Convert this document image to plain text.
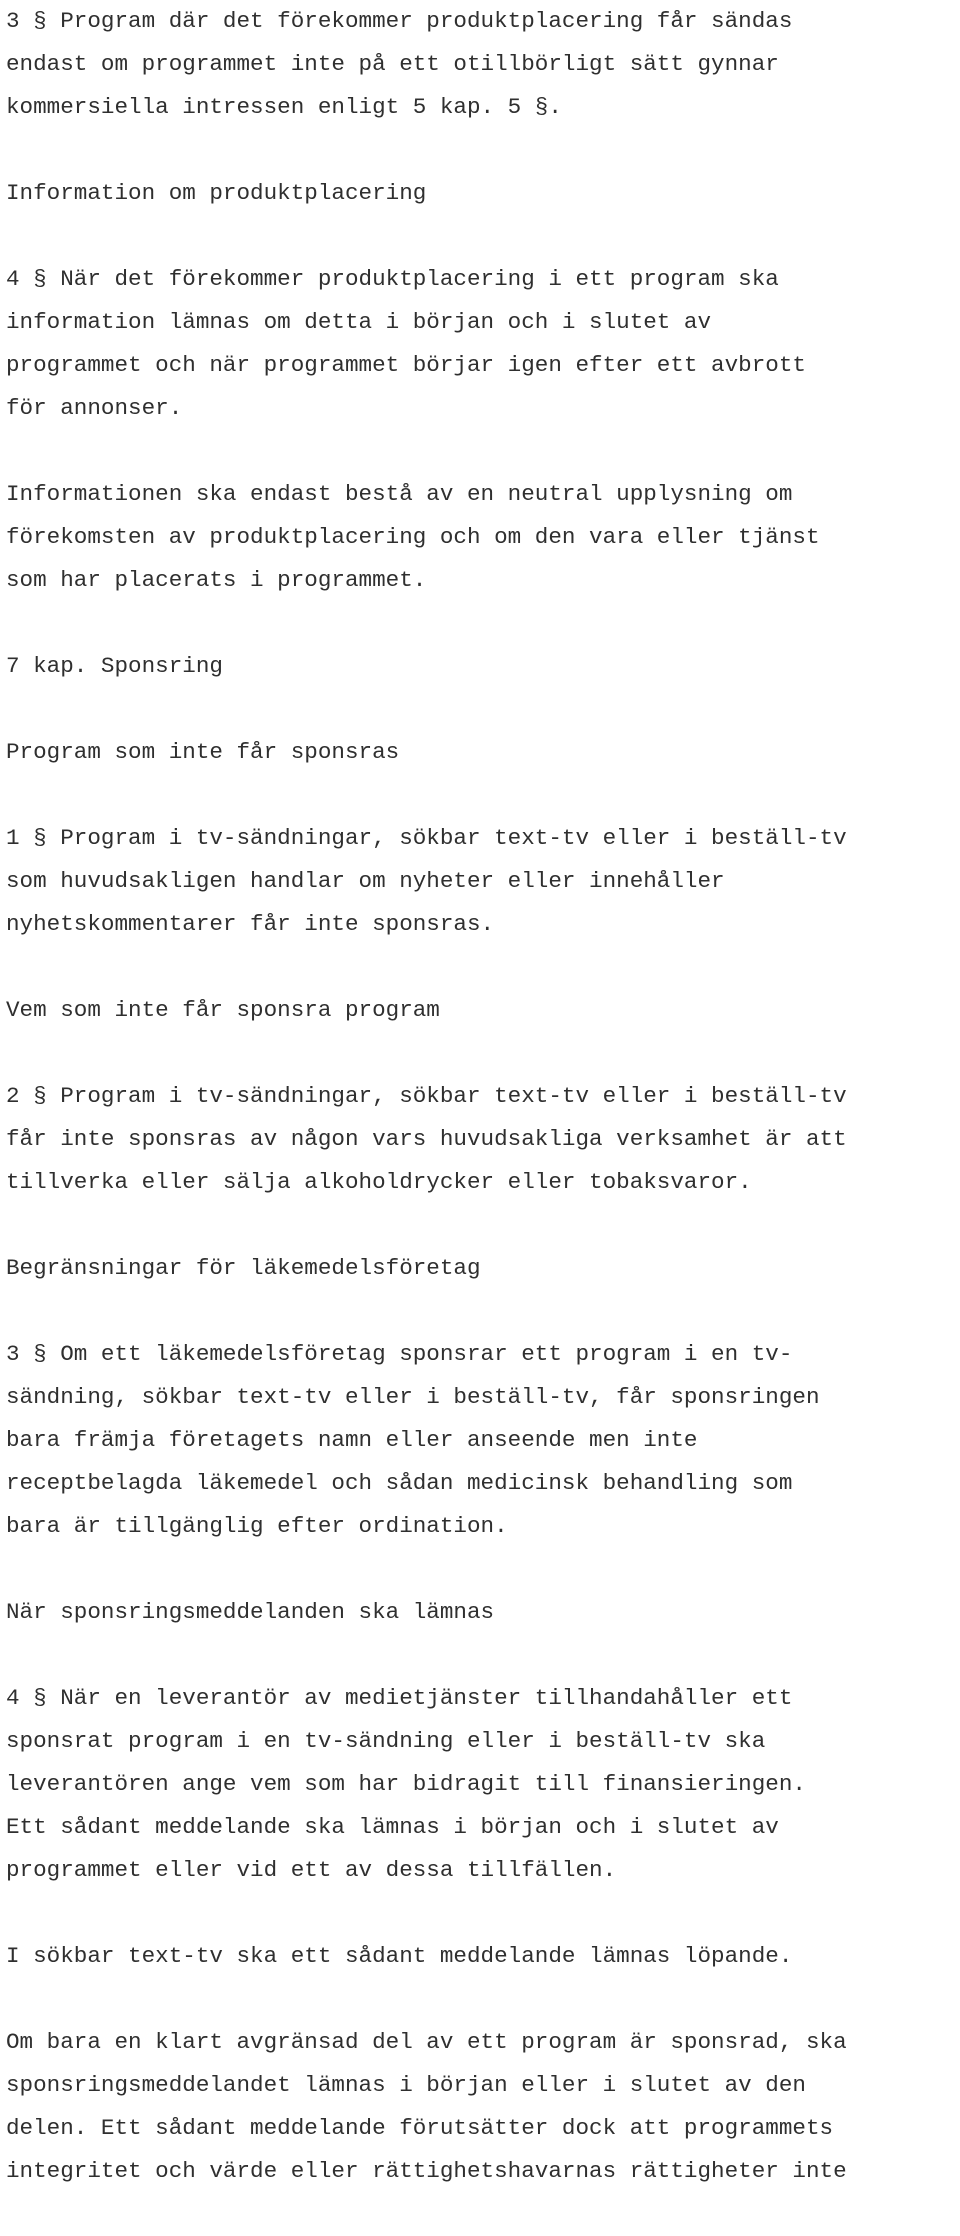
3 § Program där det förekommer produktplacering får sändas
endast om programmet inte på ett otillbörligt sätt gynnar
kommersiella intressen enligt 5 kap. 5 §.
Information om produktplacering
4 § När det förekommer produktplacering i ett program ska
information lämnas om detta i början och i slutet av
programmet och när programmet börjar igen efter ett avbrott
för annonser.
Informationen ska endast bestå av en neutral upplysning om
förekomsten av produktplacering och om den vara eller tjänst
som har placerats i programmet.
7 kap. Sponsring
Program som inte får sponsras
1 § Program i tv-sändningar, sökbar text-tv eller i beställ-tv
som huvudsakligen handlar om nyheter eller innehåller
nyhetskommentarer får inte sponsras.
Vem som inte får sponsra program
2 § Program i tv-sändningar, sökbar text-tv eller i beställ-tv
får inte sponsras av någon vars huvudsakliga verksamhet är att
tillverka eller sälja alkoholdrycker eller tobaksvaror.
Begränsningar för läkemedelsföretag
3 § Om ett läkemedelsföretag sponsrar ett program i en tv-
sändning, sökbar text-tv eller i beställ-tv, får sponsringen
bara främja företagets namn eller anseende men inte
receptbelagda läkemedel och sådan medicinsk behandling som
bara är tillgänglig efter ordination.
När sponsringsmeddelanden ska lämnas
4 § När en leverantör av medietjänster tillhandahåller ett
sponsrat program i en tv-sändning eller i beställ-tv ska
leverantören ange vem som har bidragit till finansieringen.
Ett sådant meddelande ska lämnas i början och i slutet av
programmet eller vid ett av dessa tillfällen.
I sökbar text-tv ska ett sådant meddelande lämnas löpande.
Om bara en klart avgränsad del av ett program är sponsrad, ska
sponsringsmeddelandet lämnas i början eller i slutet av den
delen. Ett sådant meddelande förutsätter dock att programmets
integritet och värde eller rättighetshavarnas rättigheter inte
